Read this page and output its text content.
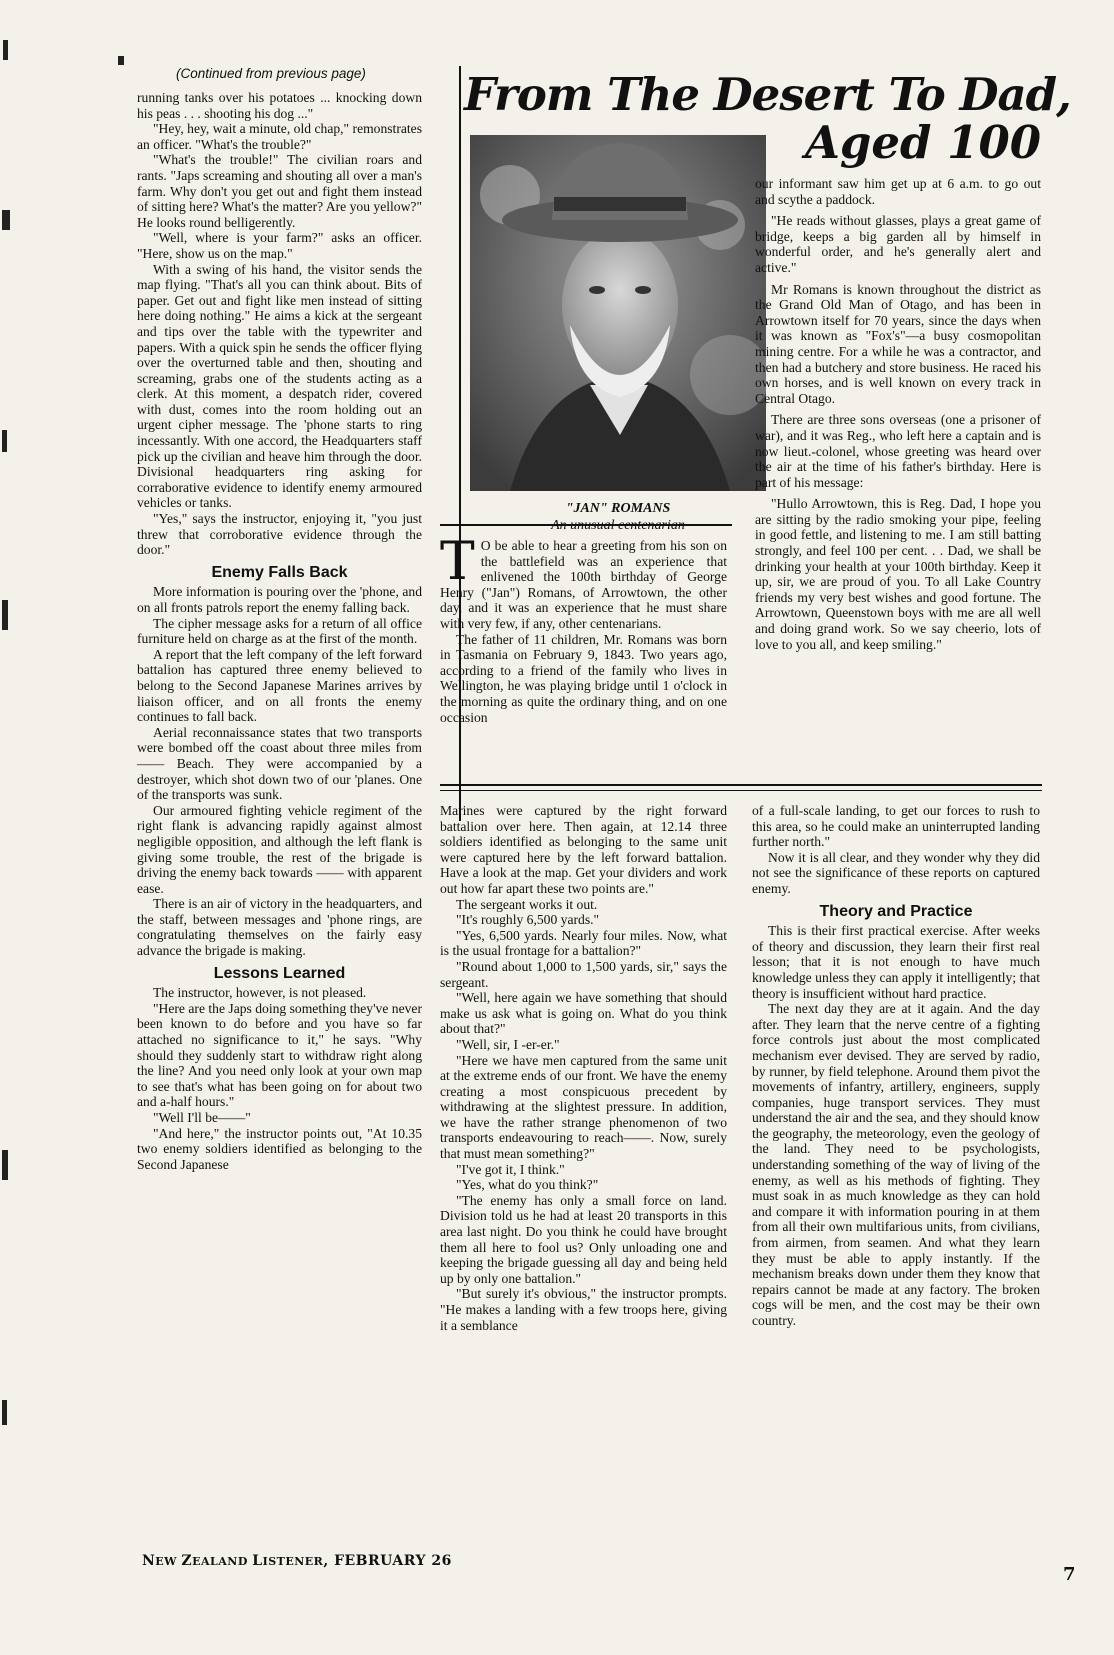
(Continued from previous page)

running tanks over his potatoes ... knocking down his peas . . . shooting his dog ..."

"Hey, hey, wait a minute, old chap," remonstrates an officer. "What's the trouble?"

"What's the trouble!" The civilian roars and rants. "Japs screaming and shouting all over a man's farm. Why don't you get out and fight them instead of sitting here? What's the matter? Are you yellow?" He looks round belligerently.

"Well, where is your farm?" asks an officer. "Here, show us on the map."

With a swing of his hand, the visitor sends the map flying. "That's all you can think about. Bits of paper. Get out and fight like men instead of sitting here doing nothing." He aims a kick at the sergeant and tips over the table with the typewriter and papers. With a quick spin he sends the officer flying over the overturned table and then, shouting and screaming, grabs one of the students acting as a clerk. At this moment, a despatch rider, covered with dust, comes into the room holding out an urgent cipher message. The 'phone starts to ring incessantly. With one accord, the Headquarters staff pick up the civilian and heave him through the door. Divisional headquarters ring asking for corraborative evidence to identify enemy armoured vehicles or tanks.

"Yes," says the instructor, enjoying it, "you just threw that corroborative evidence through the door."

Enemy Falls Back

More information is pouring over the 'phone, and on all fronts patrols report the enemy falling back.

The cipher message asks for a return of all office furniture held on charge as at the first of the month.

A report that the left company of the left forward battalion has captured three enemy believed to belong to the Second Japanese Marines arrives by liaison officer, and on all fronts the enemy continues to fall back.

Aerial reconnaissance states that two transports were bombed off the coast about three miles from —— Beach. They were accompanied by a destroyer, which shot down two of our 'planes. One of the transports was sunk.

Our armoured fighting vehicle regiment of the right flank is advancing rapidly against almost negligible opposition, and although the left flank is giving some trouble, the rest of the brigade is driving the enemy back towards —— with apparent ease.

There is an air of victory in the headquarters, and the staff, between messages and 'phone rings, are congratulating themselves on the fairly easy advance the brigade is making.

Lessons Learned

The instructor, however, is not pleased.

"Here are the Japs doing something they've never been known to do before and you have so far attached no significance to it," he says. "Why should they suddenly start to withdraw right along the line? And you need only look at your own map to see that's what has been going on for about two and a-half hours."

"Well I'll be——"

"And here," the instructor points out, "At 10.35 two enemy soldiers identified as belonging to the Second Japanese

From The Desert To Dad,
Aged 100
"JAN" ROMANS

T O be able to hear a greeting from his son on the battlefield was an experience that enlivened the 100th birthday of George Henry ("Jan") Romans, of Arrowtown, the other day, and it was an experience that he must share with very few, if any, other centenarians.

The father of 11 children, Mr. Romans was born in Tasmania on February 9, 1843. Two years ago, according to a friend of the family who lives in Wellington, he was playing bridge until 1 o'clock in the morning as quite the ordinary thing, and on one occasion

our informant saw him get up at 6 a.m. to go out and scythe a paddock.

"He reads without glasses, plays a great game of bridge, keeps a big garden all by himself in wonderful order, and he's generally alert and active."

Mr Romans is known throughout the district as the Grand Old Man of Otago, and has been in Arrowtown itself for 70 years, since the days when it was known as "Fox's"—a busy cosmopolitan mining centre. For a while he was a contractor, and then had a butchery and store business. He raced his own horses, and is well known on every track in Central Otago.

There are three sons overseas (one a prisoner of war), and it was Reg., who left here a captain and is now lieut.-colonel, whose greeting was heard over the air at the time of his father's birthday. Here is part of his message:

"Hullo Arrowtown, this is Reg. Dad, I hope you are sitting by the radio smoking your pipe, feeling in good fettle, and listening to me. I am still batting strongly, and feel 100 per cent. . . Dad, we shall be drinking your health at your 100th birthday. Keep it up, sir, we are proud of you. To all Lake Country friends my very best wishes and good fortune. The Arrowtown, Queenstown boys with me are all well and doing grand work. So we say cheerio, lots of love to you all, and keep smiling."

Marines were captured by the right forward battalion over here. Then again, at 12.14 three soldiers identified as belonging to the same unit were captured here by the left forward battalion. Have a look at the map. Get your dividers and work out how far apart these two points are."

The sergeant works it out.

"It's roughly 6,500 yards."

"Yes, 6,500 yards. Nearly four miles. Now, what is the usual frontage for a battalion?"

"Round about 1,000 to 1,500 yards, sir," says the sergeant.

"Well, here again we have something that should make us ask what is going on. What do you think about that?"

"Well, sir, I -er-er."

"Here we have men captured from the same unit at the extreme ends of our front. We have the enemy creating a most conspicuous precedent by withdrawing at the slightest pressure. In addition, we have the rather strange phenomenon of two transports endeavouring to reach——. Now, surely that must mean something?"

"I've got it, I think."

"Yes, what do you think?"

"The enemy has only a small force on land. Division told us he had at least 20 transports in this area last night. Do you think he could have brought them all here to fool us? Only unloading one and keeping the brigade guessing all day and being held up by only one battalion."

"But surely it's obvious," the instructor prompts. "He makes a landing with a few troops here, giving it a semblance

of a full-scale landing, to get our forces to rush to this area, so he could make an uninterrupted landing further north."

Now it is all clear, and they wonder why they did not see the significance of these reports on captured enemy.

Theory and Practice

This is their first practical exercise. After weeks of theory and discussion, they learn their first real lesson; that it is not enough to have much knowledge unless they can apply it intelligently; that theory is insufficient without hard practice.

The next day they are at it again. And the day after. They learn that the nerve centre of a fighting force controls just about the most complicated mechanism ever devised. They are served by radio, by runner, by field telephone. Around them pivot the movements of infantry, artillery, engineers, supply companies, huge transport services. They must understand the air and the sea, and they should know the geography, the meteorology, even the geology of the land. They need to be psychologists, understanding something of the way of living of the enemy, as well as his methods of fighting. They must soak in as much knowledge as they can hold and compare it with information pouring in at them from all their own multifarious units, from civilians, from airmen, from seamen. And what they learn they must be able to apply instantly. If the mechanism breaks down under them they know that repairs cannot be made at any factory. The broken cogs will be men, and the cost may be their own country.

NEW ZEALAND LISTENER, FEBRUARY 26
7
